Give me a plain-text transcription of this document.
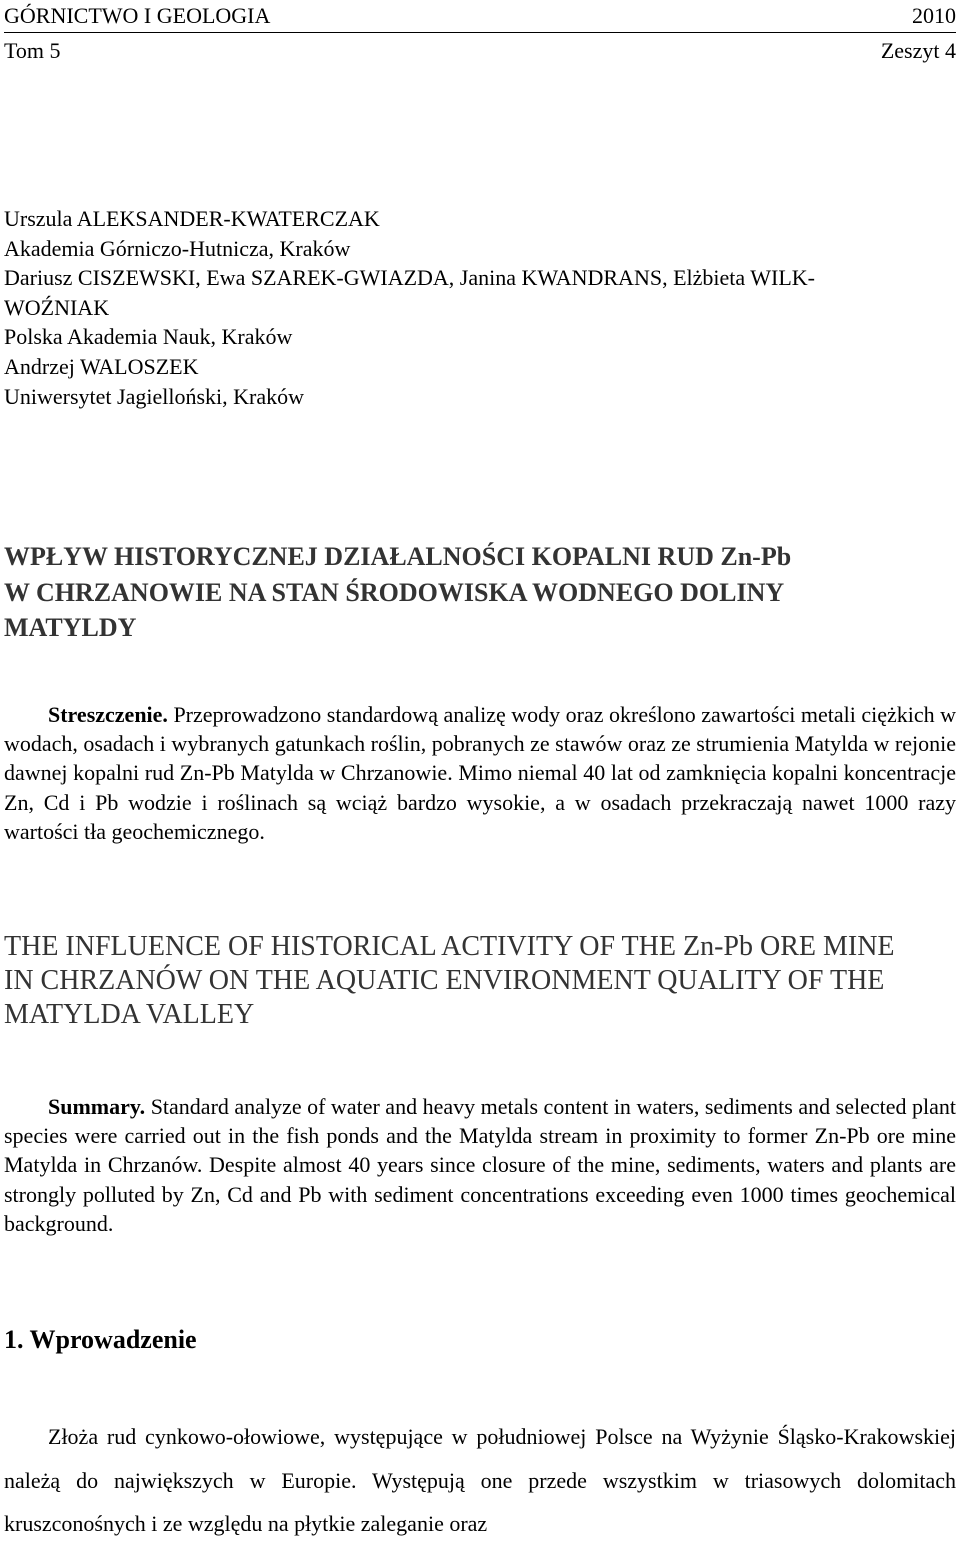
GÓRNICTWO I GEOLOGIA	2010
Tom 5	Zeszyt 4
Urszula ALEKSANDER-KWATERCZAK
Akademia Górniczo-Hutnicza, Kraków
Dariusz CISZEWSKI, Ewa SZAREK-GWIAZDA, Janina KWANDRANS, Elżbieta WILK-
WOŹNIAK
Polska Akademia Nauk, Kraków
Andrzej WALOSZEK
Uniwersytet Jagielloński, Kraków
WPŁYW HISTORYCZNEJ DZIAŁALNOŚCI KOPALNI RUD Zn-Pb
W CHRZANOWIE NA STAN ŚRODOWISKA WODNEGO DOLINY
MATYLDY
Streszczenie. Przeprowadzono standardową analizę wody oraz określono zawartości metali ciężkich w wodach, osadach i wybranych gatunkach roślin, pobranych ze stawów oraz ze strumienia Matylda w rejonie dawnej kopalni rud Zn-Pb Matylda w Chrzanowie. Mimo niemal 40 lat od zamknięcia kopalni koncentracje Zn, Cd i Pb wodzie i roślinach są wciąż bardzo wysokie, a w osadach przekraczają nawet 1000 razy wartości tła geochemicznego.
THE INFLUENCE OF HISTORICAL ACTIVITY OF THE Zn-Pb ORE MINE
IN CHRZANÓW ON THE AQUATIC ENVIRONMENT QUALITY OF THE
MATYLDA VALLEY
Summary. Standard analyze of water and heavy metals content in waters, sediments and selected plant species were carried out in the fish ponds and the Matylda stream in proximity to former Zn-Pb ore mine Matylda in Chrzanów. Despite almost 40 years since closure of the mine, sediments, waters and plants are strongly polluted by Zn, Cd and Pb with sediment concentrations exceeding even 1000 times geochemical background.
1. Wprowadzenie
Złoża rud cynkowo-ołowiowe, występujące w południowej Polsce na Wyżynie Śląsko-Krakowskiej należą do największych w Europie. Występują one przede wszystkim w triasowych dolomitach kruszconośnych i ze względu na płytkie zaleganie oraz
